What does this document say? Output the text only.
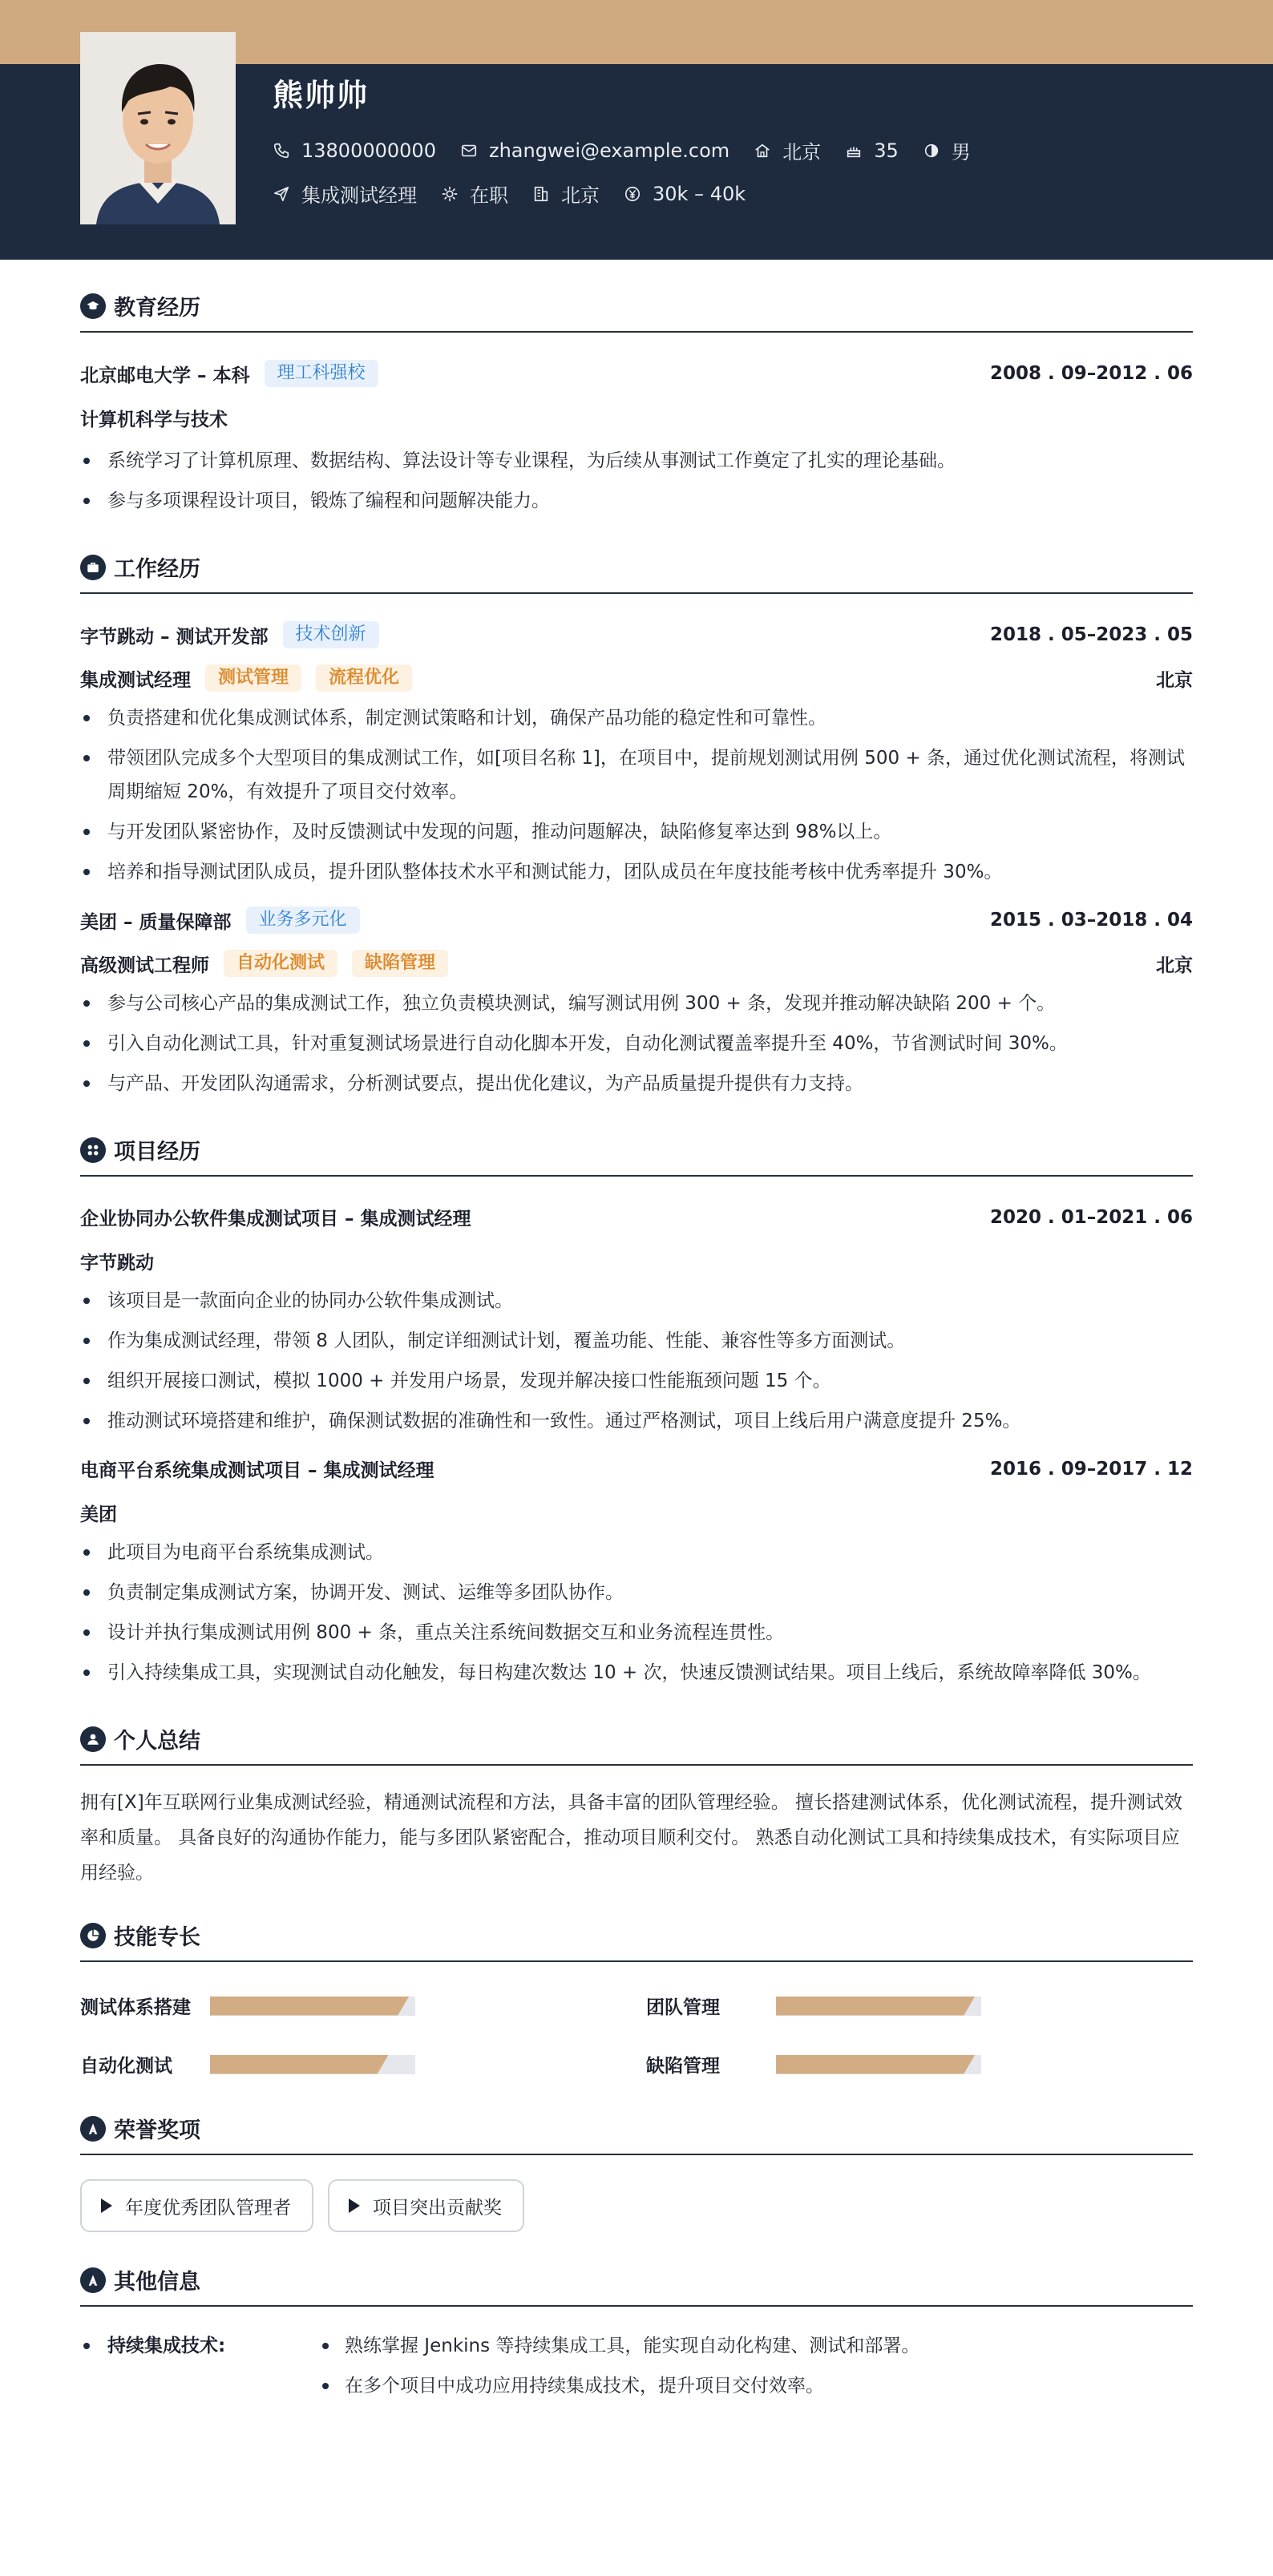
熊帅帅
13800000000	zhangwei@example.com	北京	35	男
集成测试经理	在职	北京	30k – 40k
教育经历
北京邮电大学 – 本科	理工科强校	2008 . 09–2012 . 06
计算机科学与技术
系统学习了计算机原理、数据结构、算法设计等专业课程，为后续从事测试工作奠定了扎实的理论基础。
参与多项课程设计项目，锻炼了编程和问题解决能力。
工作经历
字节跳动 – 测试开发部	技术创新	2018 . 05–2023 . 05
集成测试经理	测试管理	流程优化	北京
负责搭建和优化集成测试体系，制定测试策略和计划，确保产品功能的稳定性和可靠性。
带领团队完成多个大型项目的集成测试工作，如[项目名称 1]，在项目中，提前规划测试用例 500 + 条，通过优化测试流程，将测试周期缩短 20%，有效提升了项目交付效率。
与开发团队紧密协作，及时反馈测试中发现的问题，推动问题解决，缺陷修复率达到 98%以上。
培养和指导测试团队成员，提升团队整体技术水平和测试能力，团队成员在年度技能考核中优秀率提升 30%。
美团 – 质量保障部	业务多元化	2015 . 03–2018 . 04
高级测试工程师	自动化测试	缺陷管理	北京
参与公司核心产品的集成测试工作，独立负责模块测试，编写测试用例 300 + 条，发现并推动解决缺陷 200 + 个。
引入自动化测试工具，针对重复测试场景进行自动化脚本开发，自动化测试覆盖率提升至 40%，节省测试时间 30%。
与产品、开发团队沟通需求，分析测试要点，提出优化建议，为产品质量提升提供有力支持。
项目经历
企业协同办公软件集成测试项目 – 集成测试经理	2020 . 01–2021 . 06
字节跳动
该项目是一款面向企业的协同办公软件集成测试。
作为集成测试经理，带领 8 人团队，制定详细测试计划，覆盖功能、性能、兼容性等多方面测试。
组织开展接口测试，模拟 1000 + 并发用户场景，发现并解决接口性能瓶颈问题 15 个。
推动测试环境搭建和维护，确保测试数据的准确性和一致性。通过严格测试，项目上线后用户满意度提升 25%。
电商平台系统集成测试项目 – 集成测试经理	2016 . 09–2017 . 12
美团
此项目为电商平台系统集成测试。
负责制定集成测试方案，协调开发、测试、运维等多团队协作。
设计并执行集成测试用例 800 + 条，重点关注系统间数据交互和业务流程连贯性。
引入持续集成工具，实现测试自动化触发，每日构建次数达 10 + 次，快速反馈测试结果。项目上线后，系统故障率降低 30%。
个人总结

拥有[X]年互联网行业集成测试经验，精通测试流程和方法，具备丰富的团队管理经验。 擅长搭建测试体系，优化测试流程，提升测试效率和质量。 具备良好的沟通协作能力，能与多团队紧密配合，推动项目顺利交付。 熟悉自动化测试工具和持续集成技术，有实际项目应用经验。

技能专长
测试体系搭建	团队管理
自动化测试	缺陷管理
荣誉奖项
年度优秀团队管理者	项目突出贡献奖
其他信息
持续集成技术:	熟练掌握 Jenkins 等持续集成工具，能实现自动化构建、测试和部署。
在多个项目中成功应用持续集成技术，提升项目交付效率。
